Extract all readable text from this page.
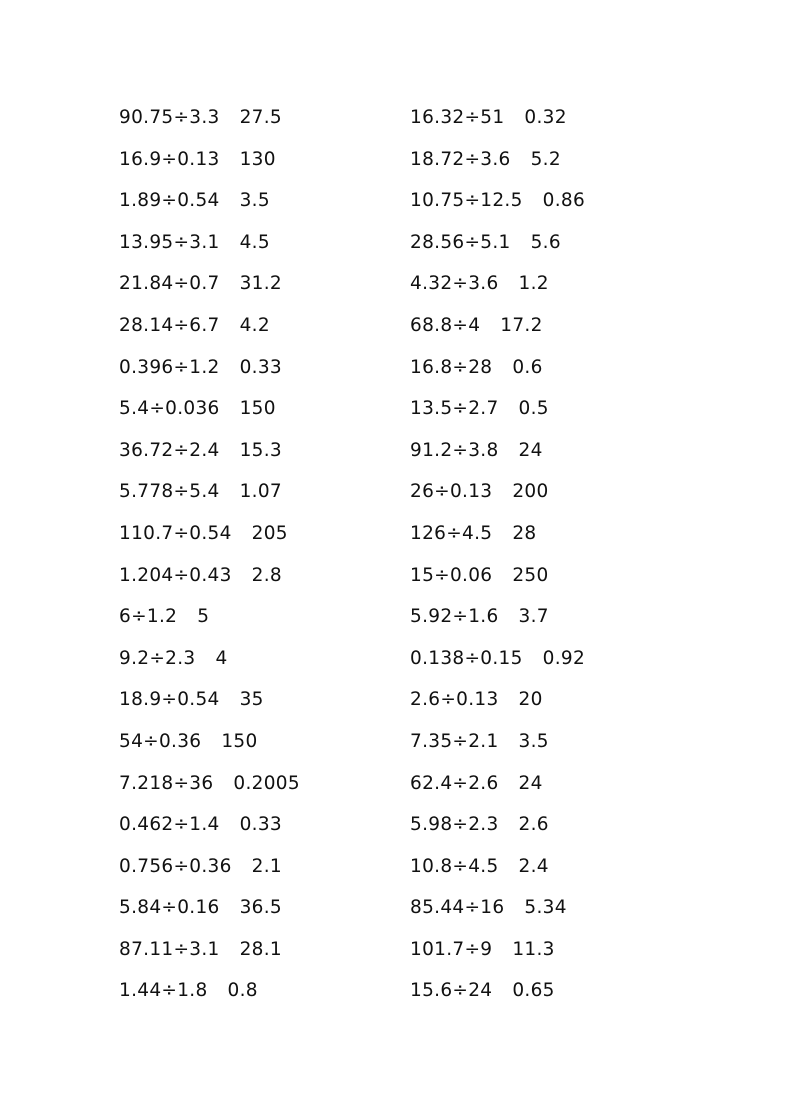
90.75÷3.3 27.5
16.9÷0.13 130
1.89÷0.54 3.5
13.95÷3.1 4.5
21.84÷0.7 31.2
28.14÷6.7 4.2
0.396÷1.2 0.33
5.4÷0.036 150
36.72÷2.4 15.3
5.778÷5.4 1.07
110.7÷0.54 205
1.204÷0.43 2.8
6÷1.2 5
9.2÷2.3 4
18.9÷0.54 35
54÷0.36 150
7.218÷36 0.2005
0.462÷1.4 0.33
0.756÷0.36 2.1
5.84÷0.16 36.5
87.11÷3.1 28.1
1.44÷1.8 0.8
16.32÷51 0.32
18.72÷3.6 5.2
10.75÷12.5 0.86
28.56÷5.1 5.6
4.32÷3.6 1.2
68.8÷4 17.2
16.8÷28 0.6
13.5÷2.7 0.5
91.2÷3.8 24
26÷0.13 200
126÷4.5 28
15÷0.06 250
5.92÷1.6 3.7
0.138÷0.15 0.92
2.6÷0.13 20
7.35÷2.1 3.5
62.4÷2.6 24
5.98÷2.3 2.6
10.8÷4.5 2.4
85.44÷16 5.34
101.7÷9 11.3
15.6÷24 0.65
